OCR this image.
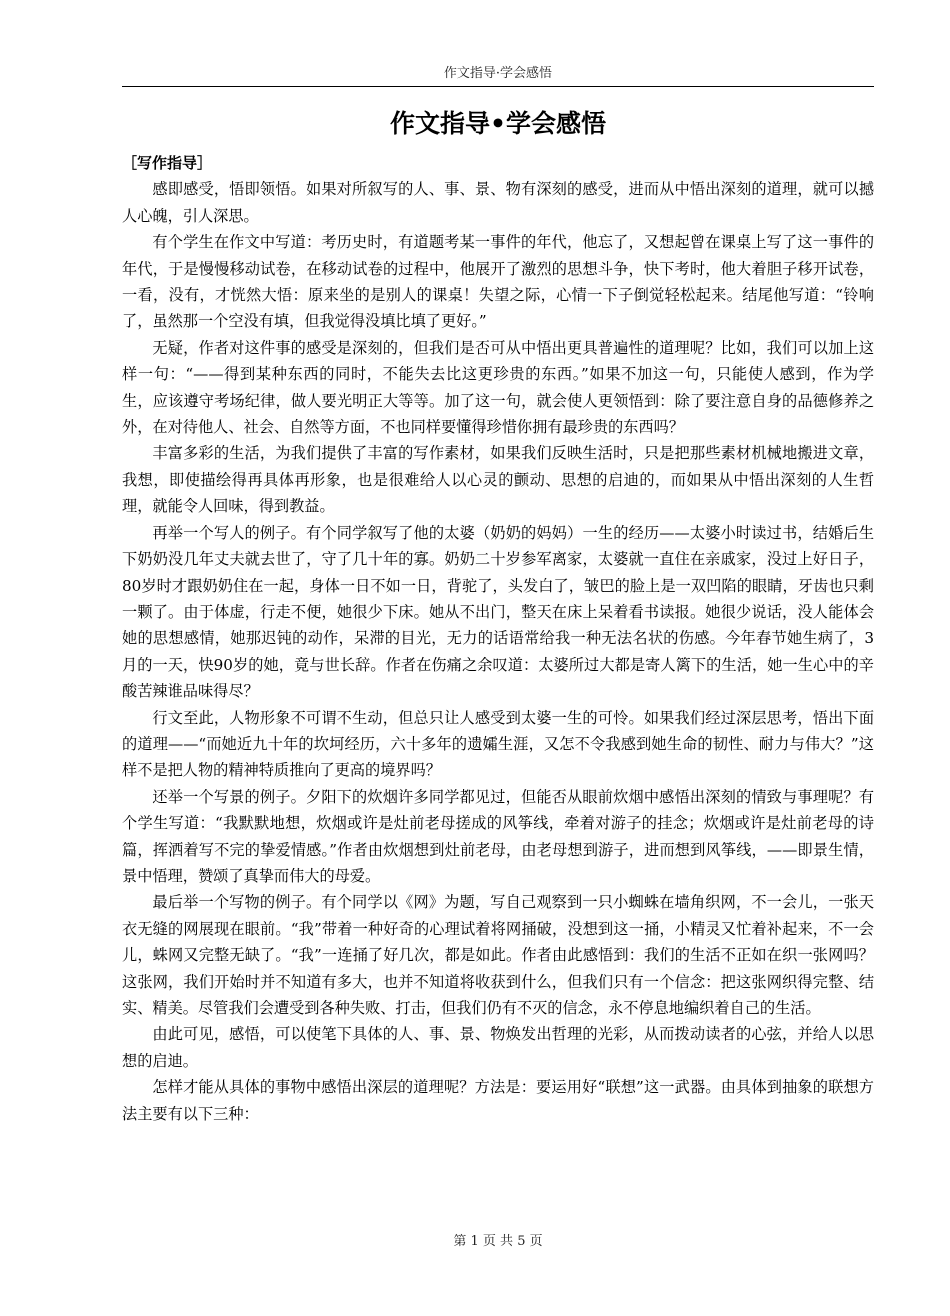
作文指导·学会感悟
作文指导•学会感悟

［写作指导］

感即感受，悟即领悟。如果对所叙写的人、事、景、物有深刻的感受，进而从中悟出深刻的道理，就可以撼人心魄，引人深思。

有个学生在作文中写道：考历史时，有道题考某一事件的年代，他忘了，又想起曾在课桌上写了这一事件的年代，于是慢慢移动试卷，在移动试卷的过程中，他展开了激烈的思想斗争，快下考时，他大着胆子移开试卷，一看，没有，才恍然大悟：原来坐的是别人的课桌！失望之际，心情一下子倒觉轻松起来。结尾他写道：“铃响了，虽然那一个空没有填，但我觉得没填比填了更好。”

无疑，作者对这件事的感受是深刻的，但我们是否可从中悟出更具普遍性的道理呢？比如，我们可以加上这样一句：“——得到某种东西的同时，不能失去比这更珍贵的东西。”如果不加这一句，只能使人感到，作为学生，应该遵守考场纪律，做人要光明正大等等。加了这一句，就会使人更领悟到：除了要注意自身的品德修养之外，在对待他人、社会、自然等方面，不也同样要懂得珍惜你拥有最珍贵的东西吗？

丰富多彩的生活，为我们提供了丰富的写作素材，如果我们反映生活时，只是把那些素材机械地搬进文章，我想，即使描绘得再具体再形象，也是很难给人以心灵的颤动、思想的启迪的，而如果从中悟出深刻的人生哲理，就能令人回味，得到教益。

再举一个写人的例子。有个同学叙写了他的太婆（奶奶的妈妈）一生的经历——太婆小时读过书，结婚后生下奶奶没几年丈夫就去世了，守了几十年的寡。奶奶二十岁参军离家，太婆就一直住在亲戚家，没过上好日子，80岁时才跟奶奶住在一起，身体一日不如一日，背驼了，头发白了，皱巴的脸上是一双凹陷的眼睛，牙齿也只剩一颗了。由于体虚，行走不便，她很少下床。她从不出门，整天在床上呆着看书读报。她很少说话，没人能体会她的思想感情，她那迟钝的动作，呆滞的目光，无力的话语常给我一种无法名状的伤感。今年春节她生病了，3月的一天，快90岁的她，竟与世长辞。作者在伤痛之余叹道：太婆所过大都是寄人篱下的生活，她一生心中的辛酸苦辣谁品味得尽？

行文至此，人物形象不可谓不生动，但总只让人感受到太婆一生的可怜。如果我们经过深层思考，悟出下面的道理——“而她近九十年的坎坷经历，六十多年的遗孀生涯，又怎不令我感到她生命的韧性、耐力与伟大？”这样不是把人物的精神特质推向了更高的境界吗？

还举一个写景的例子。夕阳下的炊烟许多同学都见过，但能否从眼前炊烟中感悟出深刻的情致与事理呢？有个学生写道：“我默默地想，炊烟或许是灶前老母搓成的风筝线，牵着对游子的挂念；炊烟或许是灶前老母的诗篇，挥洒着写不完的挚爱情感。”作者由炊烟想到灶前老母，由老母想到游子，进而想到风筝线，——即景生情，景中悟理，赞颂了真挚而伟大的母爱。

最后举一个写物的例子。有个同学以《网》为题，写自己观察到一只小蜘蛛在墙角织网，不一会儿，一张天衣无缝的网展现在眼前。“我”带着一种好奇的心理试着将网捅破，没想到这一捅，小精灵又忙着补起来，不一会儿，蛛网又完整无缺了。“我”一连捅了好几次，都是如此。作者由此感悟到：我们的生活不正如在织一张网吗？这张网，我们开始时并不知道有多大，也并不知道将收获到什么，但我们只有一个信念：把这张网织得完整、结实、精美。尽管我们会遭受到各种失败、打击，但我们仍有不灭的信念，永不停息地编织着自己的生活。

由此可见，感悟，可以使笔下具体的人、事、景、物焕发出哲理的光彩，从而拨动读者的心弦，并给人以思想的启迪。

怎样才能从具体的事物中感悟出深层的道理呢？方法是：要运用好“联想”这一武器。由具体到抽象的联想方法主要有以下三种：

第 1 页 共 5 页
